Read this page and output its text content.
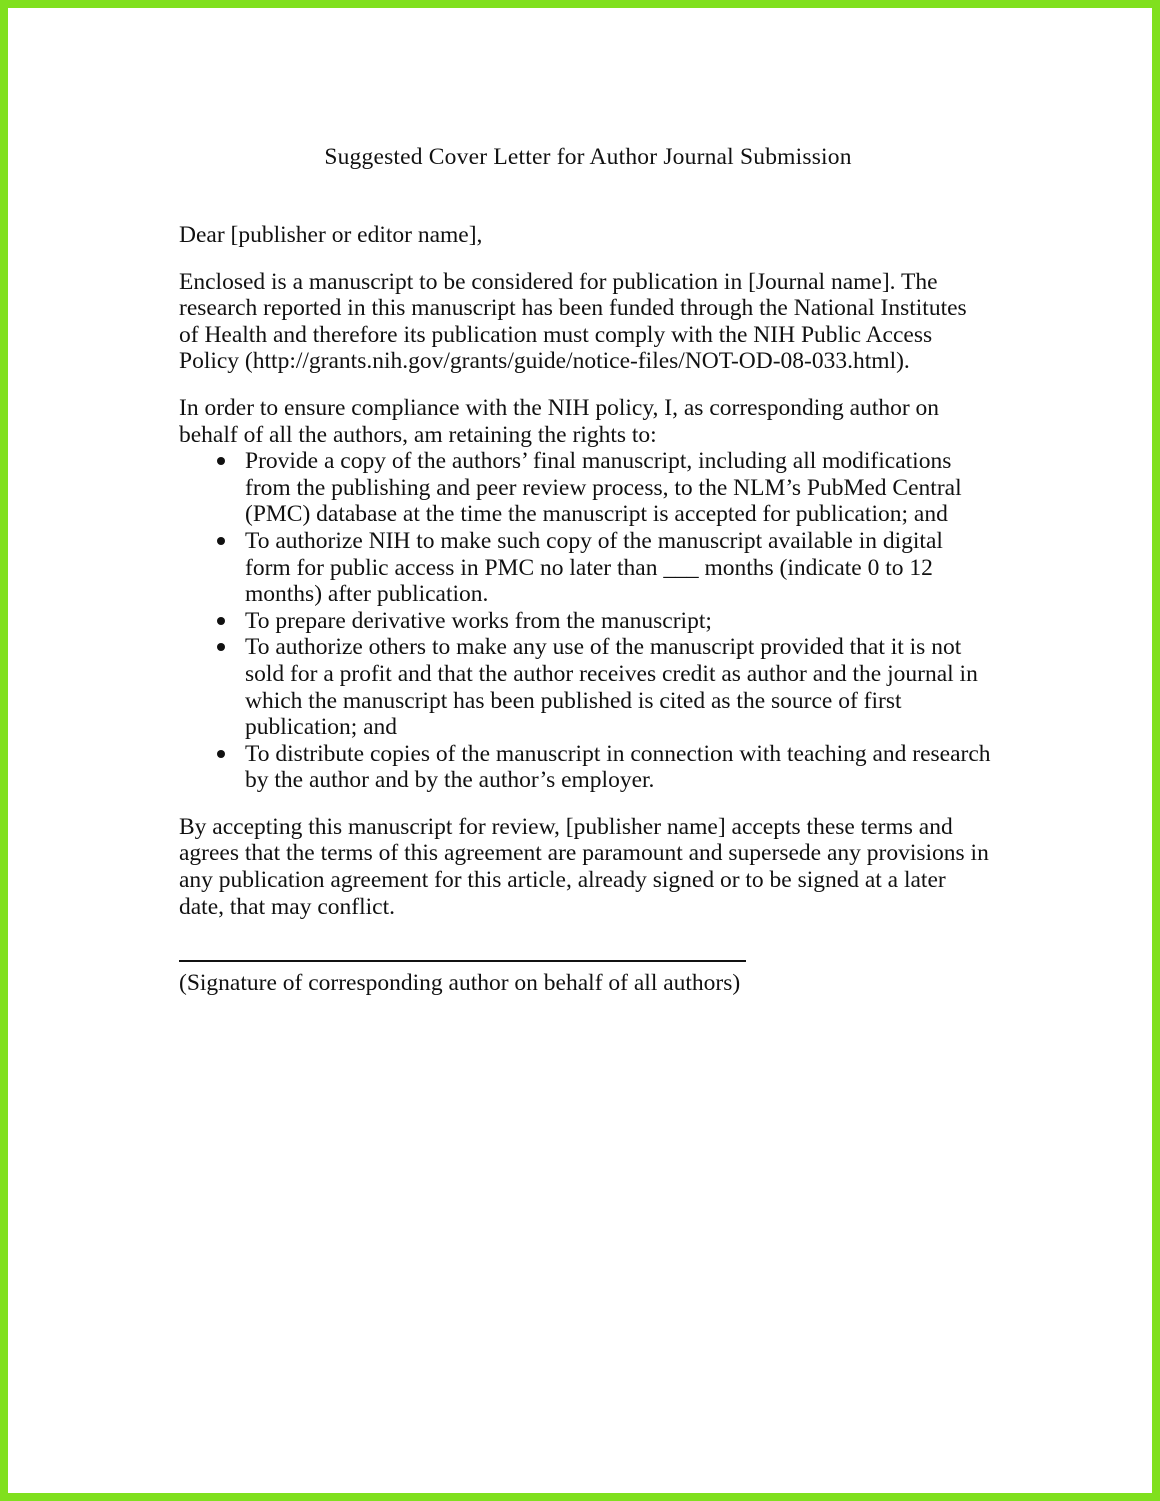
Suggested Cover Letter for Author Journal Submission

Dear [publisher or editor name],

Enclosed is a manuscript to be considered for publication in [Journal name]. The research reported in this manuscript has been funded through the National Institutes of Health and therefore its publication must comply with the NIH Public Access Policy (http://grants.nih.gov/grants/guide/notice-files/NOT-OD-08-033.html).

In order to ensure compliance with the NIH policy, I, as corresponding author on behalf of all the authors, am retaining the rights to:

Provide a copy of the authors’ final manuscript, including all modifications from the publishing and peer review process, to the NLM’s PubMed Central (PMC) database at the time the manuscript is accepted for publication; and
To authorize NIH to make such copy of the manuscript available in digital form for public access in PMC no later than ___ months (indicate 0 to 12 months) after publication.
To prepare derivative works from the manuscript;
To authorize others to make any use of the manuscript provided that it is not sold for a profit and that the author receives credit as author and the journal in which the manuscript has been published is cited as the source of first publication; and
To distribute copies of the manuscript in connection with teaching and research by the author and by the author’s employer.

By accepting this manuscript for review, [publisher name] accepts these terms and agrees that the terms of this agreement are paramount and supersede any provisions in any publication agreement for this article, already signed or to be signed at a later date, that may conflict.

(Signature of corresponding author on behalf of all authors)
